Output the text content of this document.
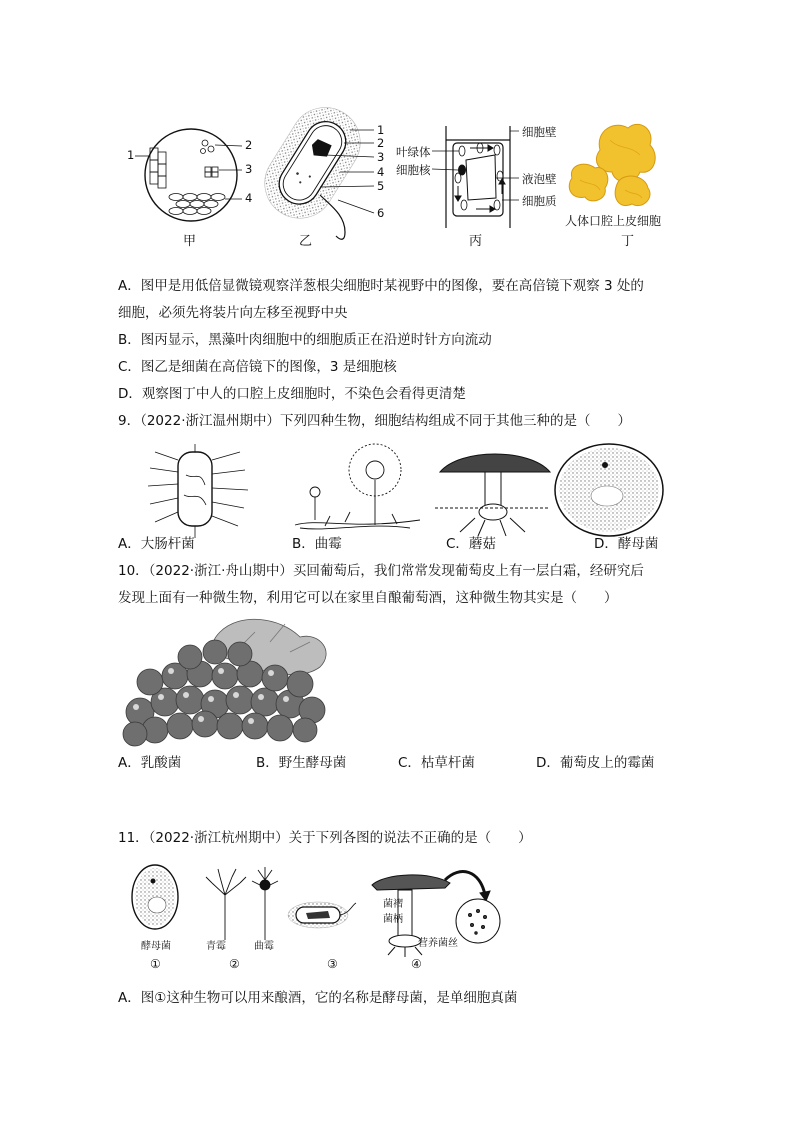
1
2
3
4
甲
1
2
3
4
5
6
乙
叶绿体
细胞核
细胞壁
液泡壁
细胞质
丙
人体口腔上皮细胞
丁
A．图甲是用低倍显微镜观察洋葱根尖细胞时某视野中的图像，要在高倍镜下观察 3 处的
细胞，必须先将装片向左移至视野中央
B．图丙显示，黑藻叶肉细胞中的细胞质正在沿逆时针方向流动
C．图乙是细菌在高倍镜下的图像，3 是细胞核
D．观察图丁中人的口腔上皮细胞时，不染色会看得更清楚
9．（2022·浙江温州期中）下列四种生物，细胞结构组成不同于其他三种的是（　　）
A．大肠杆菌	B．曲霉	C．蘑菇	D．酵母菌
10．（2022·浙江·舟山期中）买回葡萄后，我们常常发现葡萄皮上有一层白霜，经研究后
发现上面有一种微生物，利用它可以在家里自酿葡萄酒，这种微生物其实是（　　）
A．乳酸菌	B．野生酵母菌	C．枯草杆菌	D．葡萄皮上的霉菌
11．（2022·浙江杭州期中）关于下列各图的说法不正确的是（　　）
酵母菌	青霉	曲霉
菌褶
菌柄
营养菌丝
①	②	③	④
A．图①这种生物可以用来酿酒，它的名称是酵母菌，是单细胞真菌
